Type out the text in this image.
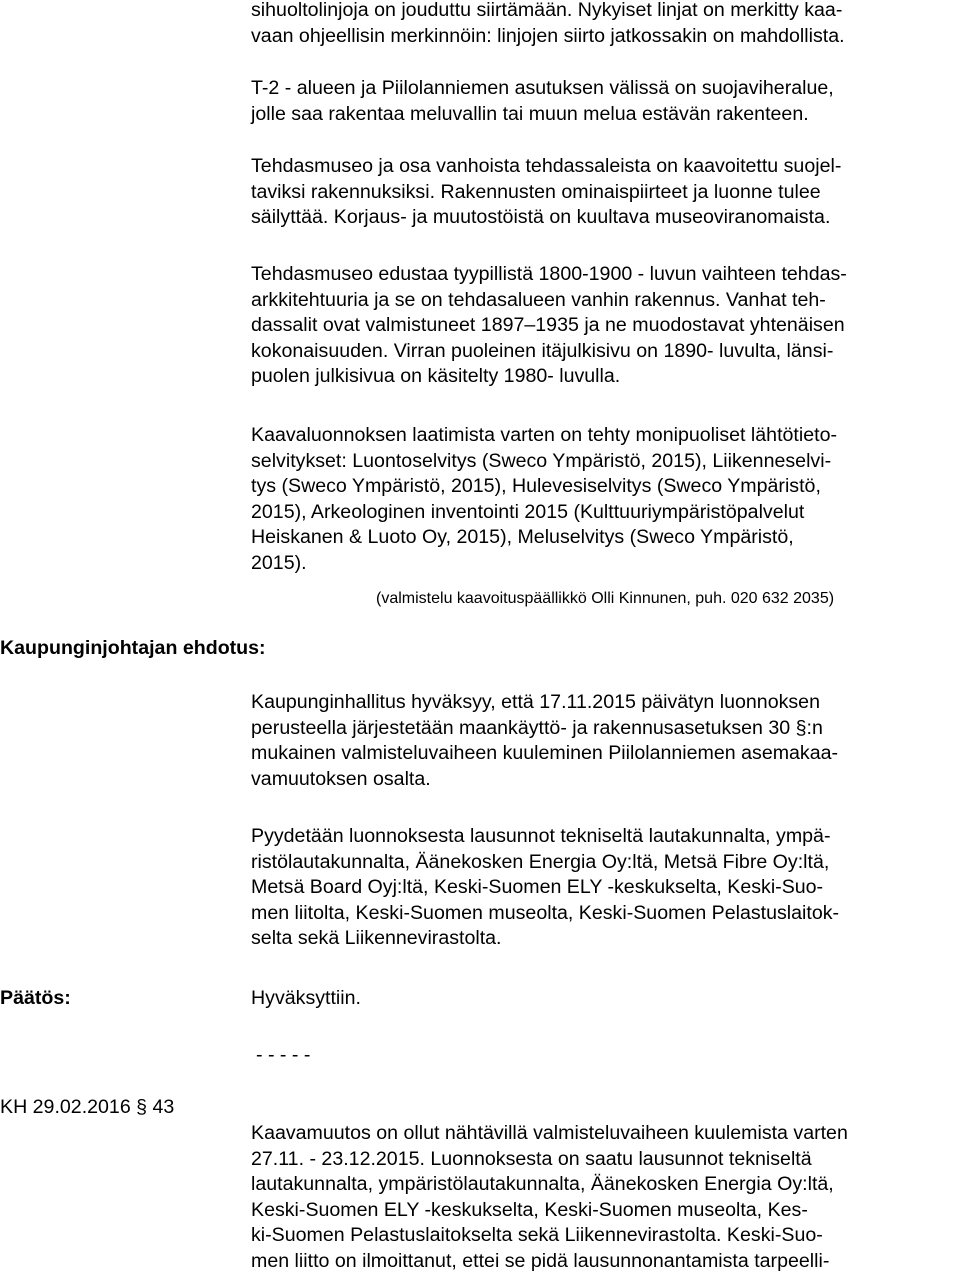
sihuoltolinjoja on jouduttu siirtämään. Nykyiset linjat on merkitty kaa-
vaan ohjeellisin merkinnöin: linjojen siirto jatkossakin on mahdollista.
T-2 - alueen ja Piilolanniemen asutuksen välissä on suojaviheralue,
jolle saa rakentaa meluvallin tai muun melua estävän rakenteen.
Tehdasmuseo ja osa vanhoista tehdassaleista on kaavoitettu suojel-
taviksi rakennuksiksi. Rakennusten ominaispiirteet ja luonne tulee
säilyttää. Korjaus- ja muutostöistä on kuultava museoviranomaista.
Tehdasmuseo edustaa tyypillistä 1800-1900 - luvun vaihteen tehdas-
arkkitehtuuria ja se on tehdasalueen vanhin rakennus. Vanhat teh-
dassalit ovat valmistuneet 1897–1935 ja ne muodostavat yhtenäisen
kokonaisuuden. Virran puoleinen itäjulkisivu on 1890- luvulta, länsi-
puolen julkisivua on käsitelty 1980- luvulla.
Kaavaluonnoksen laatimista varten on tehty monipuoliset lähtötieto-
selvitykset: Luontoselvitys (Sweco Ympäristö, 2015), Liikenneselvi-
tys (Sweco Ympäristö, 2015), Hulevesiselvitys (Sweco Ympäristö,
2015), Arkeologinen inventointi 2015 (Kulttuuriympäristöpalvelut
Heiskanen & Luoto Oy, 2015), Meluselvitys (Sweco Ympäristö,
2015).
(valmistelu kaavoituspäällikkö Olli Kinnunen, puh. 020 632 2035)
Kaupunginjohtajan ehdotus:
Kaupunginhallitus hyväksyy, että 17.11.2015 päivätyn luonnoksen
perusteella järjestetään maankäyttö- ja rakennusasetuksen 30 §:n
mukainen valmisteluvaiheen kuuleminen Piilolanniemen asemakaa-
vamuutoksen osalta.
Pyydetään luonnoksesta lausunnot tekniseltä lautakunnalta, ympä-
ristölautakunnalta, Äänekosken Energia Oy:ltä, Metsä Fibre Oy:ltä,
Metsä Board Oyj:ltä, Keski-Suomen ELY -keskukselta, Keski-Suo-
men liitolta, Keski-Suomen museolta, Keski-Suomen Pelastuslaitok-
selta sekä Liikennevirastolta.
Päätös:	Hyväksyttiin.
- - - - -
KH 29.02.2016 § 43
Kaavamuutos on ollut nähtävillä valmisteluvaiheen kuulemista varten
27.11. - 23.12.2015. Luonnoksesta on saatu lausunnot tekniseltä
lautakunnalta, ympäristölautakunnalta, Äänekosken Energia Oy:ltä,
Keski-Suomen ELY -keskukselta, Keski-Suomen museolta, Kes-
ki-Suomen Pelastuslaitokselta sekä Liikennevirastolta. Keski-Suo-
men liitto on ilmoittanut, ettei se pidä lausunnonantamista tarpeelli-
